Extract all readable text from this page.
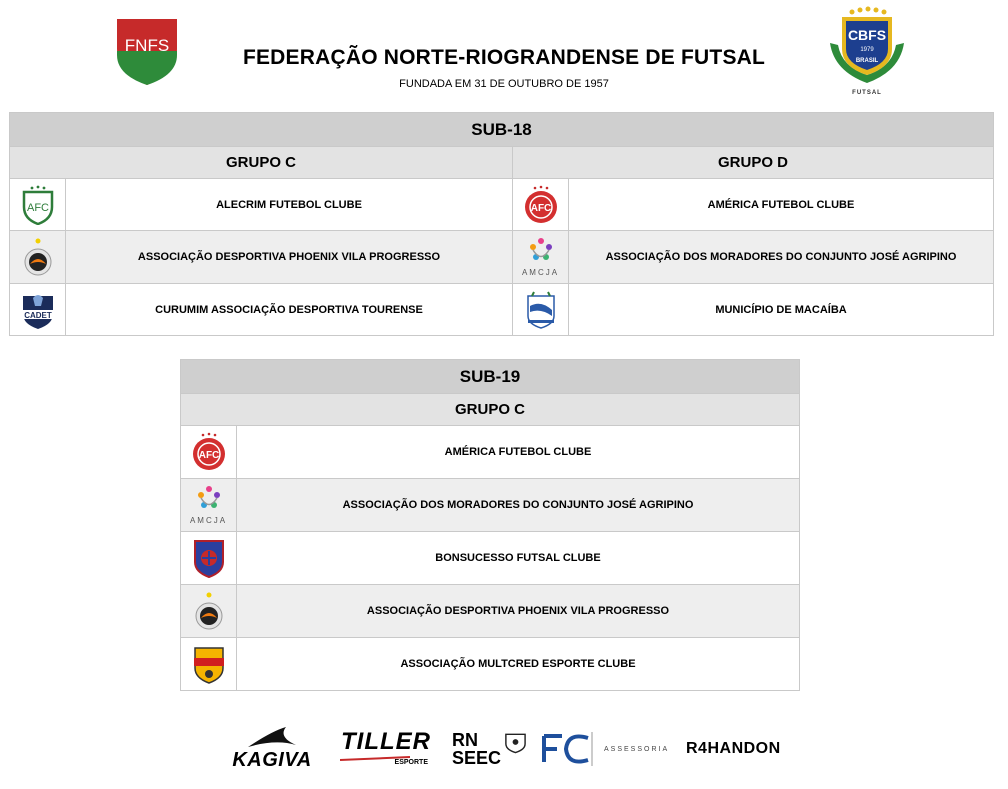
FNFS
FEDERAÇÃO NORTE-RIOGRANDENSE DE FUTSAL
FUNDADA EM 31 DE OUTUBRO DE 1957
CBFS
1979
BRASIL
FUTSAL
SUB-18			
GRUPO C		GRUPO D	

AFC	ALECRIM FUTEBOL CLUBE	AFC	AMÉRICA FUTEBOL CLUBE
	ASSOCIAÇÃO DESPORTIVA PHOENIX VILA PROGRESSO	AMCJA	ASSOCIAÇÃO DOS MORADORES DO CONJUNTO JOSÉ AGRIPINO

CADET	CURUMIM ASSOCIAÇÃO DESPORTIVA TOURENSE		MUNICÍPIO DE MACAÍBA
SUB-19	
GRUPO C	

AFC	AMÉRICA FUTEBOL CLUBE

AMCJA	ASSOCIAÇÃO DOS MORADORES DO CONJUNTO JOSÉ AGRIPINO
	BONSUCESSO FUTSAL CLUBE
	ASSOCIAÇÃO DESPORTIVA PHOENIX VILA PROGRESSO
	ASSOCIAÇÃO MULTCRED ESPORTE CLUBE
KAGIVA
TILLER
ESPORTE
RN
SEEC	ASSESSORIA R4HANDON
